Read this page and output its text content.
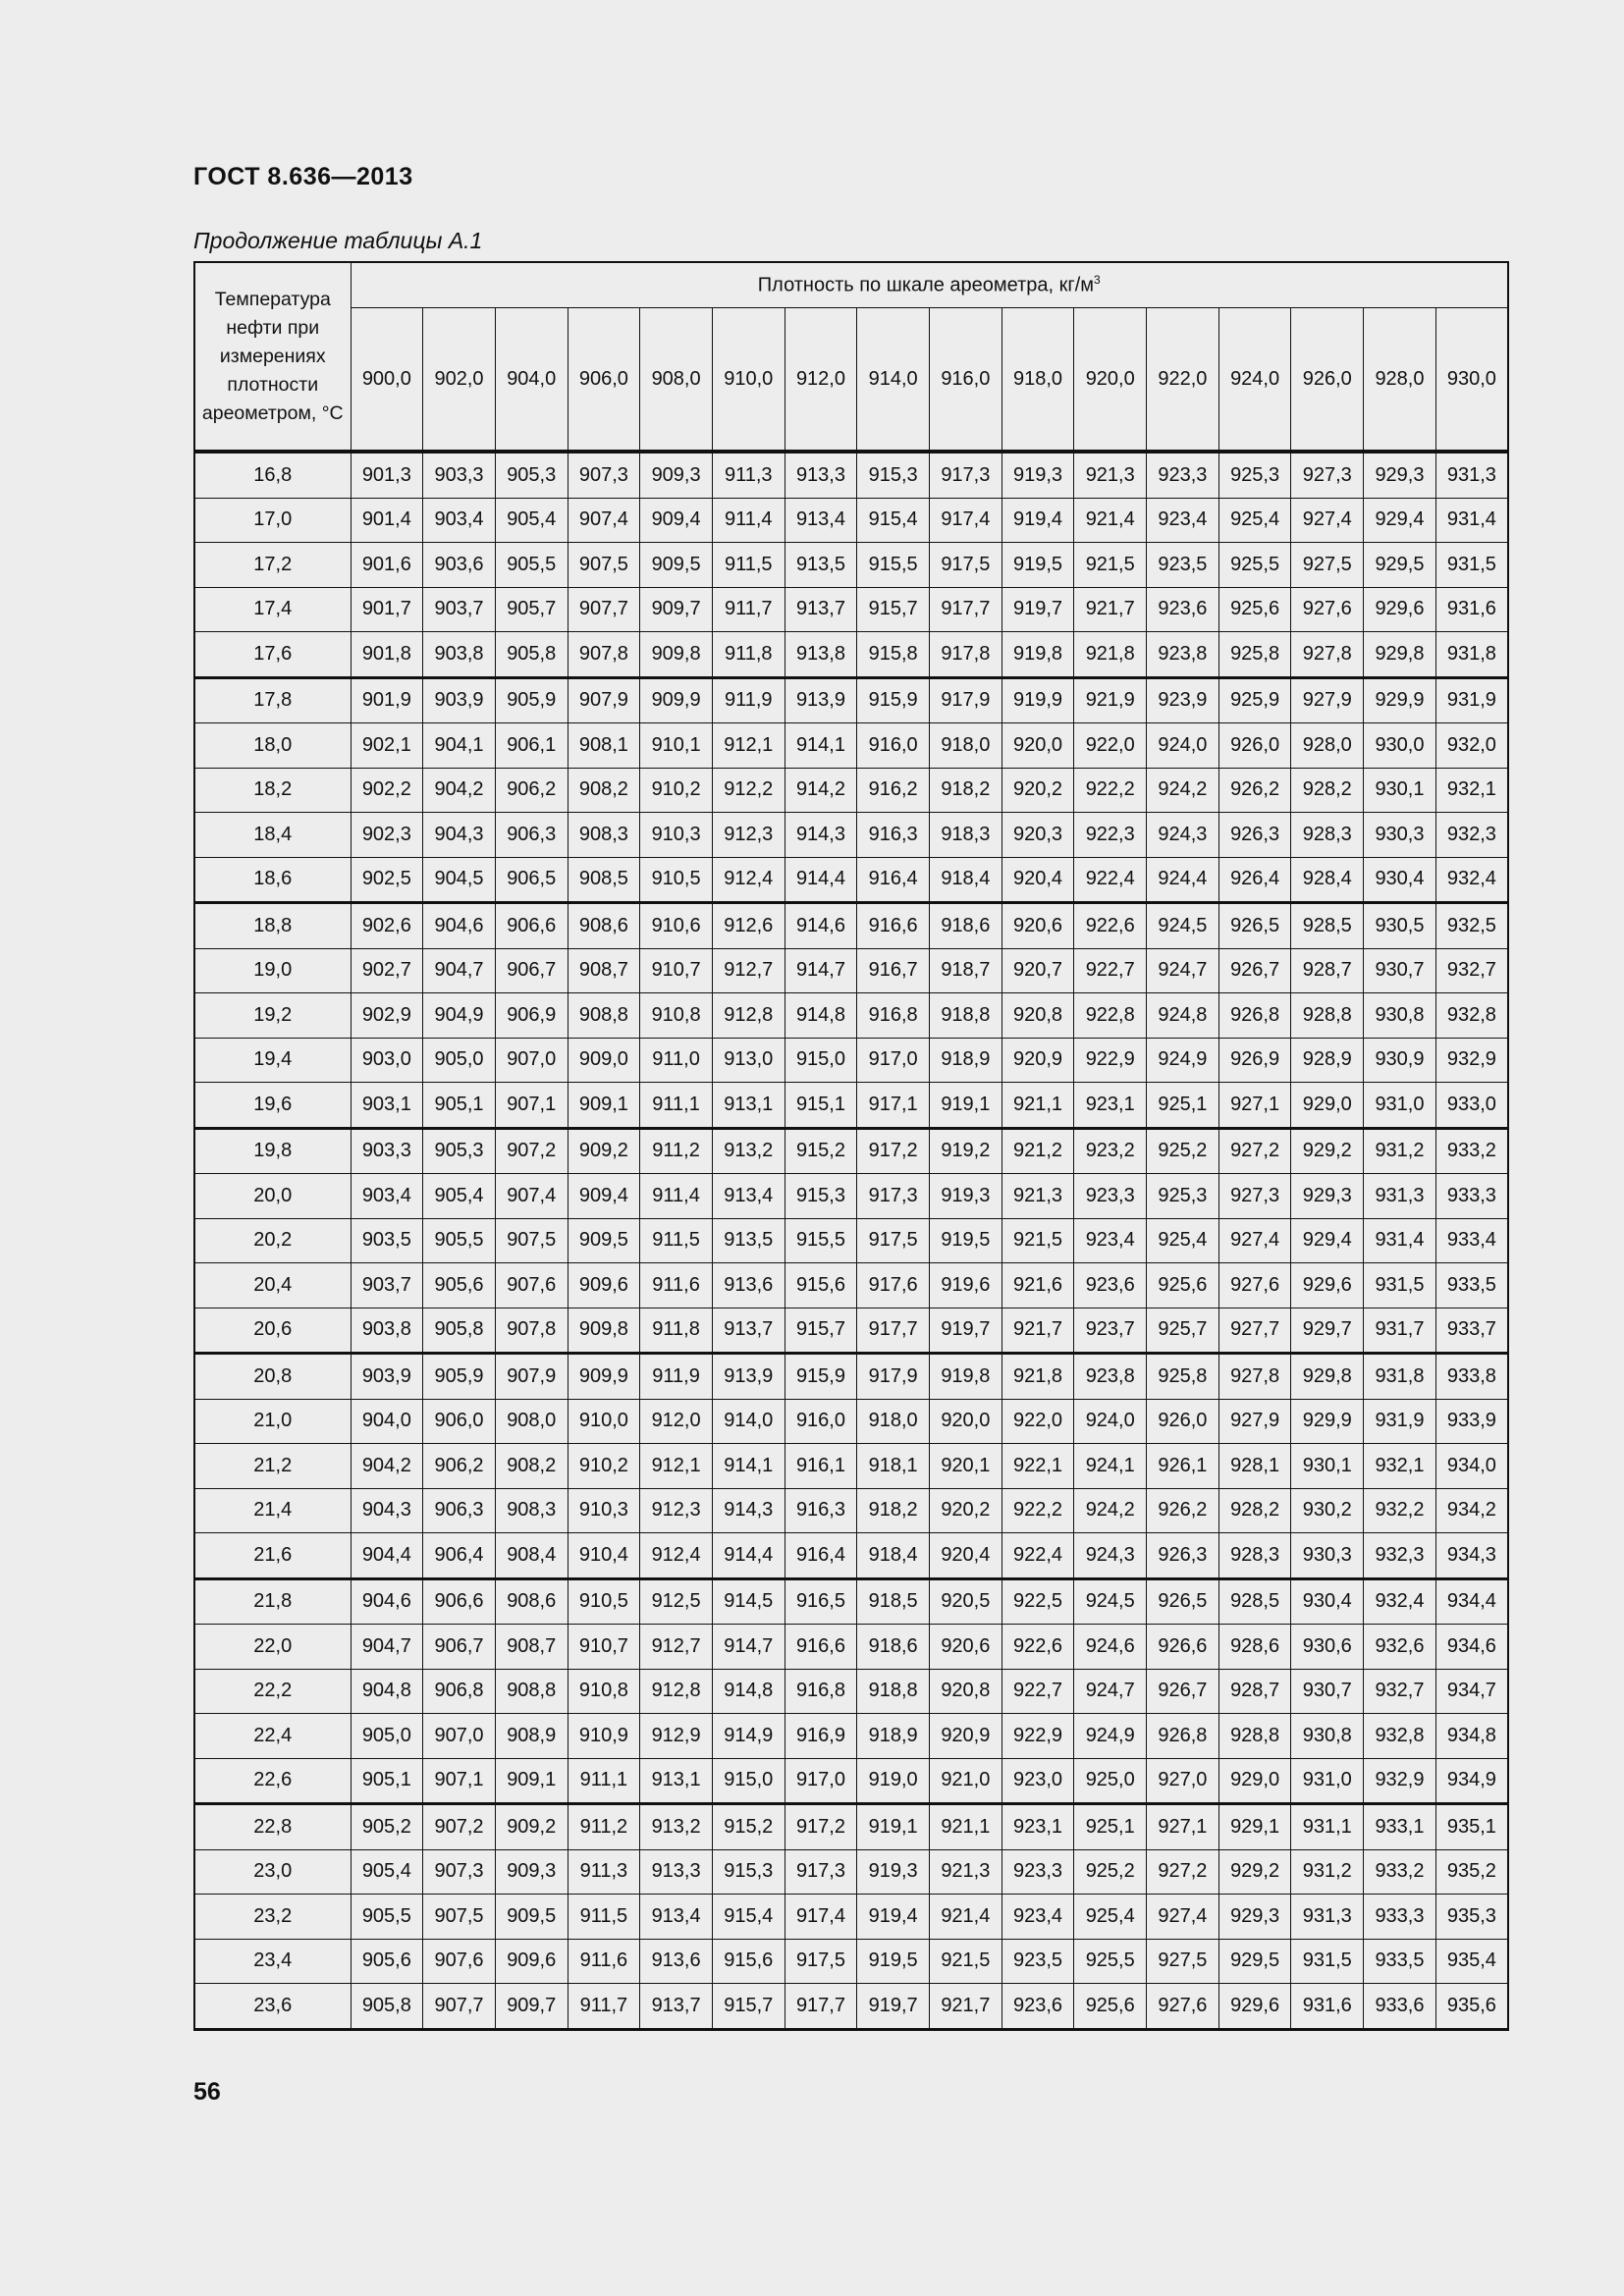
ГОСТ 8.636—2013
Продолжение таблицы А.1
Температура нефти при измерениях плотности ареометром, °С	Плотность по шкале ареометра, $кг/м^3$
	900,0	902,0	904,0	906,0	908,0	910,0	912,0	914,0	916,0	918,0	920,0	922,0	924,0	926,0	928,0	930,0
16,8	901,3	903,3	905,3	907,3	909,3	911,3	913,3	915,3	917,3	919,3	921,3	923,3	925,3	927,3	929,3	931,3
17,0	901,4	903,4	905,4	907,4	909,4	911,4	913,4	915,4	917,4	919,4	921,4	923,4	925,4	927,4	929,4	931,4
17,2	901,6	903,6	905,5	907,5	909,5	911,5	913,5	915,5	917,5	919,5	921,5	923,5	925,5	927,5	929,5	931,5
17,4	901,7	903,7	905,7	907,7	909,7	911,7	913,7	915,7	917,7	919,7	921,7	923,6	925,6	927,6	929,6	931,6
17,6	901,8	903,8	905,8	907,8	909,8	911,8	913,8	915,8	917,8	919,8	921,8	923,8	925,8	927,8	929,8	931,8
17,8	901,9	903,9	905,9	907,9	909,9	911,9	913,9	915,9	917,9	919,9	921,9	923,9	925,9	927,9	929,9	931,9
18,0	902,1	904,1	906,1	908,1	910,1	912,1	914,1	916,0	918,0	920,0	922,0	924,0	926,0	928,0	930,0	932,0
18,2	902,2	904,2	906,2	908,2	910,2	912,2	914,2	916,2	918,2	920,2	922,2	924,2	926,2	928,2	930,1	932,1
18,4	902,3	904,3	906,3	908,3	910,3	912,3	914,3	916,3	918,3	920,3	922,3	924,3	926,3	928,3	930,3	932,3
18,6	902,5	904,5	906,5	908,5	910,5	912,4	914,4	916,4	918,4	920,4	922,4	924,4	926,4	928,4	930,4	932,4
18,8	902,6	904,6	906,6	908,6	910,6	912,6	914,6	916,6	918,6	920,6	922,6	924,5	926,5	928,5	930,5	932,5
19,0	902,7	904,7	906,7	908,7	910,7	912,7	914,7	916,7	918,7	920,7	922,7	924,7	926,7	928,7	930,7	932,7
19,2	902,9	904,9	906,9	908,8	910,8	912,8	914,8	916,8	918,8	920,8	922,8	924,8	926,8	928,8	930,8	932,8
19,4	903,0	905,0	907,0	909,0	911,0	913,0	915,0	917,0	918,9	920,9	922,9	924,9	926,9	928,9	930,9	932,9
19,6	903,1	905,1	907,1	909,1	911,1	913,1	915,1	917,1	919,1	921,1	923,1	925,1	927,1	929,0	931,0	933,0
19,8	903,3	905,3	907,2	909,2	911,2	913,2	915,2	917,2	919,2	921,2	923,2	925,2	927,2	929,2	931,2	933,2
20,0	903,4	905,4	907,4	909,4	911,4	913,4	915,3	917,3	919,3	921,3	923,3	925,3	927,3	929,3	931,3	933,3
20,2	903,5	905,5	907,5	909,5	911,5	913,5	915,5	917,5	919,5	921,5	923,4	925,4	927,4	929,4	931,4	933,4
20,4	903,7	905,6	907,6	909,6	911,6	913,6	915,6	917,6	919,6	921,6	923,6	925,6	927,6	929,6	931,5	933,5
20,6	903,8	905,8	907,8	909,8	911,8	913,7	915,7	917,7	919,7	921,7	923,7	925,7	927,7	929,7	931,7	933,7
20,8	903,9	905,9	907,9	909,9	911,9	913,9	915,9	917,9	919,8	921,8	923,8	925,8	927,8	929,8	931,8	933,8
21,0	904,0	906,0	908,0	910,0	912,0	914,0	916,0	918,0	920,0	922,0	924,0	926,0	927,9	929,9	931,9	933,9
21,2	904,2	906,2	908,2	910,2	912,1	914,1	916,1	918,1	920,1	922,1	924,1	926,1	928,1	930,1	932,1	934,0
21,4	904,3	906,3	908,3	910,3	912,3	914,3	916,3	918,2	920,2	922,2	924,2	926,2	928,2	930,2	932,2	934,2
21,6	904,4	906,4	908,4	910,4	912,4	914,4	916,4	918,4	920,4	922,4	924,3	926,3	928,3	930,3	932,3	934,3
21,8	904,6	906,6	908,6	910,5	912,5	914,5	916,5	918,5	920,5	922,5	924,5	926,5	928,5	930,4	932,4	934,4
22,0	904,7	906,7	908,7	910,7	912,7	914,7	916,6	918,6	920,6	922,6	924,6	926,6	928,6	930,6	932,6	934,6
22,2	904,8	906,8	908,8	910,8	912,8	914,8	916,8	918,8	920,8	922,7	924,7	926,7	928,7	930,7	932,7	934,7
22,4	905,0	907,0	908,9	910,9	912,9	914,9	916,9	918,9	920,9	922,9	924,9	926,8	928,8	930,8	932,8	934,8
22,6	905,1	907,1	909,1	911,1	913,1	915,0	917,0	919,0	921,0	923,0	925,0	927,0	929,0	931,0	932,9	934,9
22,8	905,2	907,2	909,2	911,2	913,2	915,2	917,2	919,1	921,1	923,1	925,1	927,1	929,1	931,1	933,1	935,1
23,0	905,4	907,3	909,3	911,3	913,3	915,3	917,3	919,3	921,3	923,3	925,2	927,2	929,2	931,2	933,2	935,2
23,2	905,5	907,5	909,5	911,5	913,4	915,4	917,4	919,4	921,4	923,4	925,4	927,4	929,3	931,3	933,3	935,3
23,4	905,6	907,6	909,6	911,6	913,6	915,6	917,5	919,5	921,5	923,5	925,5	927,5	929,5	931,5	933,5	935,4
23,6	905,8	907,7	909,7	911,7	913,7	915,7	917,7	919,7	921,7	923,6	925,6	927,6	929,6	931,6	933,6	935,6
56
